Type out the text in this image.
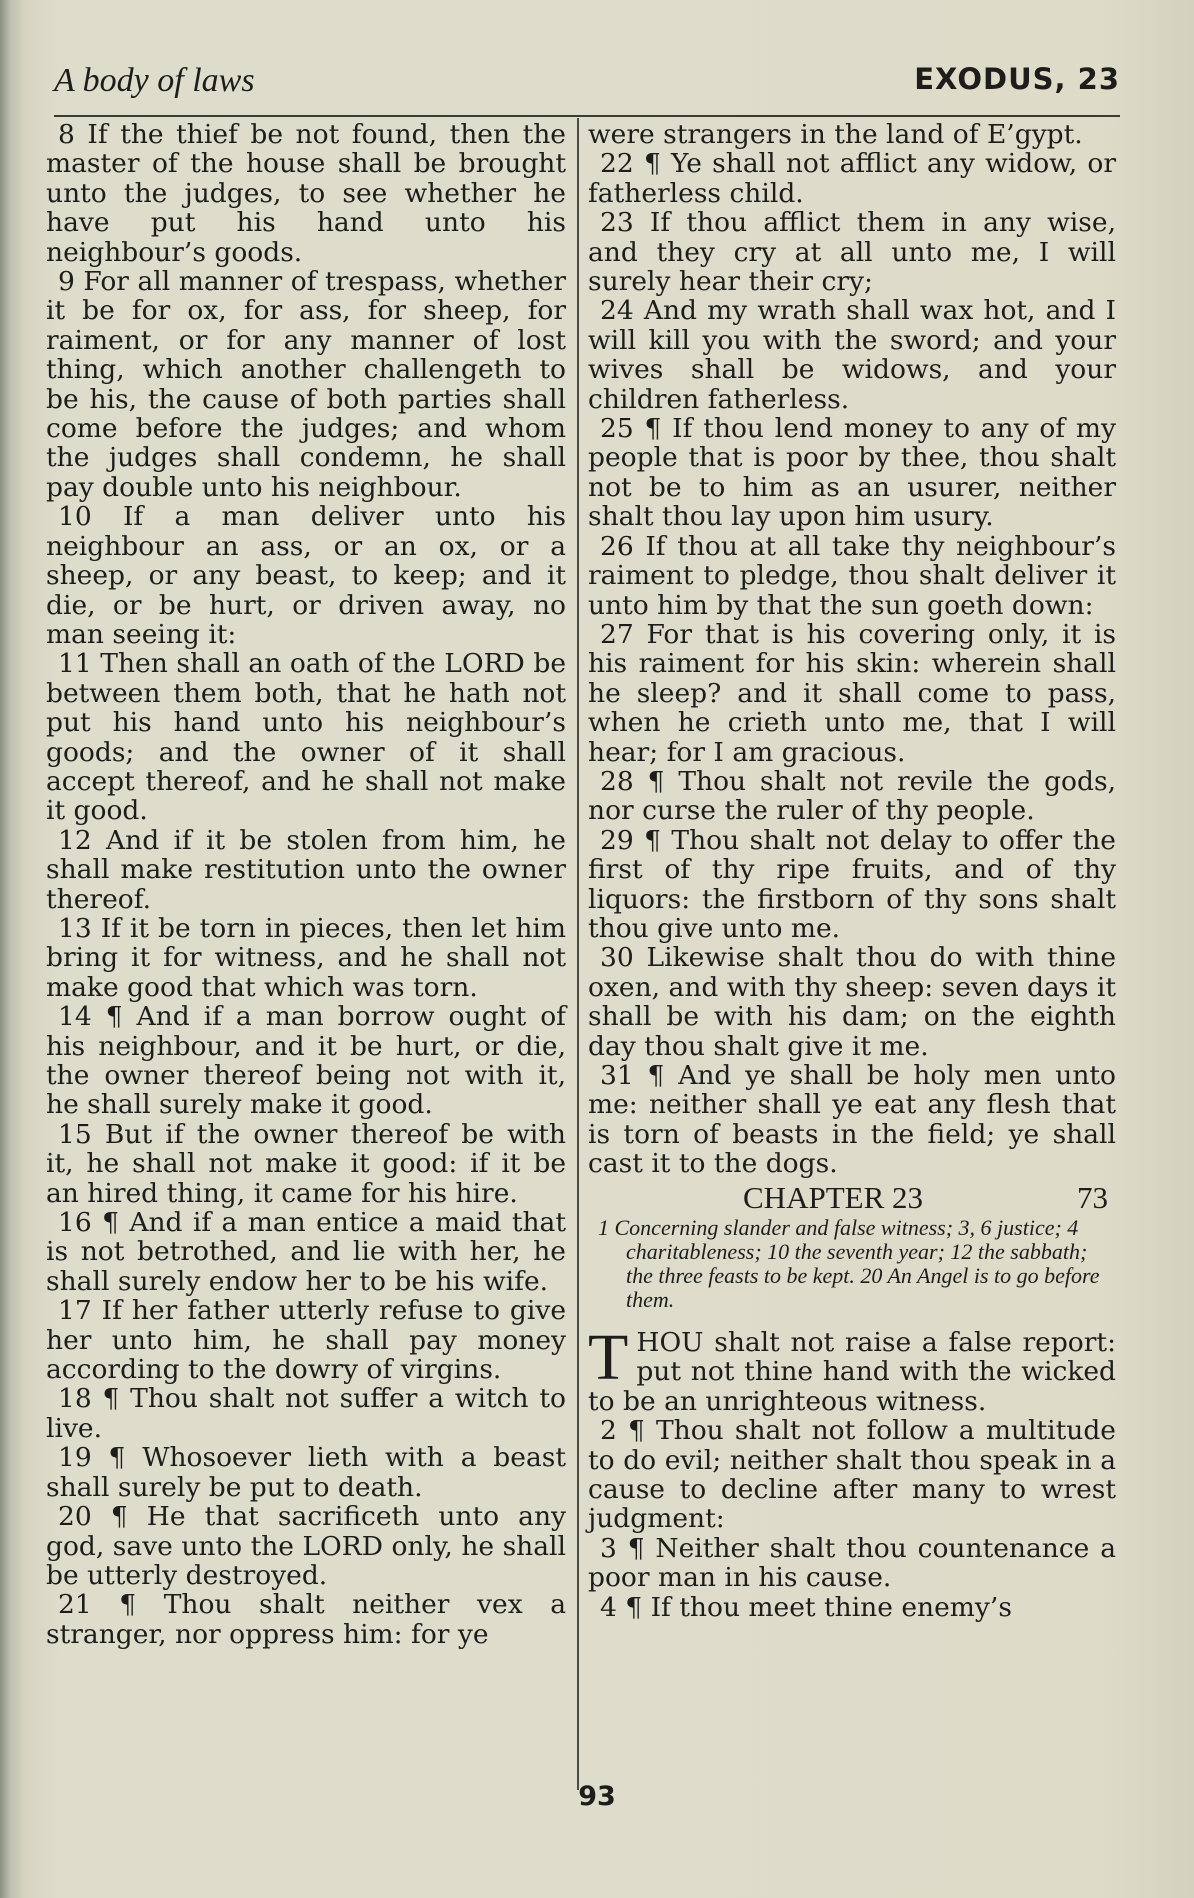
A body of laws	EXODUS, 23

8 If the thief be not found, then the master of the house shall be brought unto the judges, to see whether he have put his hand unto his neighbour’s goods.

9 For all manner of trespass, whether it be for ox, for ass, for sheep, for raiment, or for any manner of lost thing, which another challengeth to be his, the cause of both parties shall come before the judges; and whom the judges shall condemn, he shall pay double unto his neighbour.

10 If a man deliver unto his neighbour an ass, or an ox, or a sheep, or any beast, to keep; and it die, or be hurt, or driven away, no man seeing it:

11 Then shall an oath of the LORD be between them both, that he hath not put his hand unto his neighbour’s goods; and the owner of it shall accept thereof, and he shall not make it good.

12 And if it be stolen from him, he shall make restitution unto the owner thereof.

13 If it be torn in pieces, then let him bring it for witness, and he shall not make good that which was torn.

14 ¶ And if a man borrow ought of his neighbour, and it be hurt, or die, the owner thereof being not with it, he shall surely make it good.

15 But if the owner thereof be with it, he shall not make it good: if it be an hired thing, it came for his hire.

16 ¶ And if a man entice a maid that is not betrothed, and lie with her, he shall surely endow her to be his wife.

17 If her father utterly refuse to give her unto him, he shall pay money according to the dowry of virgins.

18 ¶ Thou shalt not suffer a witch to live.

19 ¶ Whosoever lieth with a beast shall surely be put to death.

20 ¶ He that sacrificeth unto any god, save unto the LORD only, he shall be utterly destroyed.

21 ¶ Thou shalt neither vex a stranger, nor oppress him: for ye

were strangers in the land of E’gypt.

22 ¶ Ye shall not afflict any widow, or fatherless child.

23 If thou afflict them in any wise, and they cry at all unto me, I will surely hear their cry;

24 And my wrath shall wax hot, and I will kill you with the sword; and your wives shall be widows, and your children fatherless.

25 ¶ If thou lend money to any of my people that is poor by thee, thou shalt not be to him as an usurer, neither shalt thou lay upon him usury.

26 If thou at all take thy neighbour’s raiment to pledge, thou shalt deliver it unto him by that the sun goeth down:

27 For that is his covering only, it is his raiment for his skin: wherein shall he sleep? and it shall come to pass, when he crieth unto me, that I will hear; for I am gracious.

28 ¶ Thou shalt not revile the gods, nor curse the ruler of thy people.

29 ¶ Thou shalt not delay to offer the first of thy ripe fruits, and of thy liquors: the firstborn of thy sons shalt thou give unto me.

30 Likewise shalt thou do with thine oxen, and with thy sheep: seven days it shall be with his dam; on the eighth day thou shalt give it me.

31 ¶ And ye shall be holy men unto me: neither shall ye eat any flesh that is torn of beasts in the field; ye shall cast it to the dogs.

CHAPTER 23	73
1 Concerning slander and false witness; 3, 6 justice; 4 charitableness; 10 the seventh year; 12 the sabbath; the three feasts to be kept. 20 An Angel is to go before them.

THOU shalt not raise a false report: put not thine hand with the wicked to be an unrighteous witness.

2 ¶ Thou shalt not follow a multitude to do evil; neither shalt thou speak in a cause to decline after many to wrest judgment:

3 ¶ Neither shalt thou countenance a poor man in his cause.

4 ¶ If thou meet thine enemy’s

93
